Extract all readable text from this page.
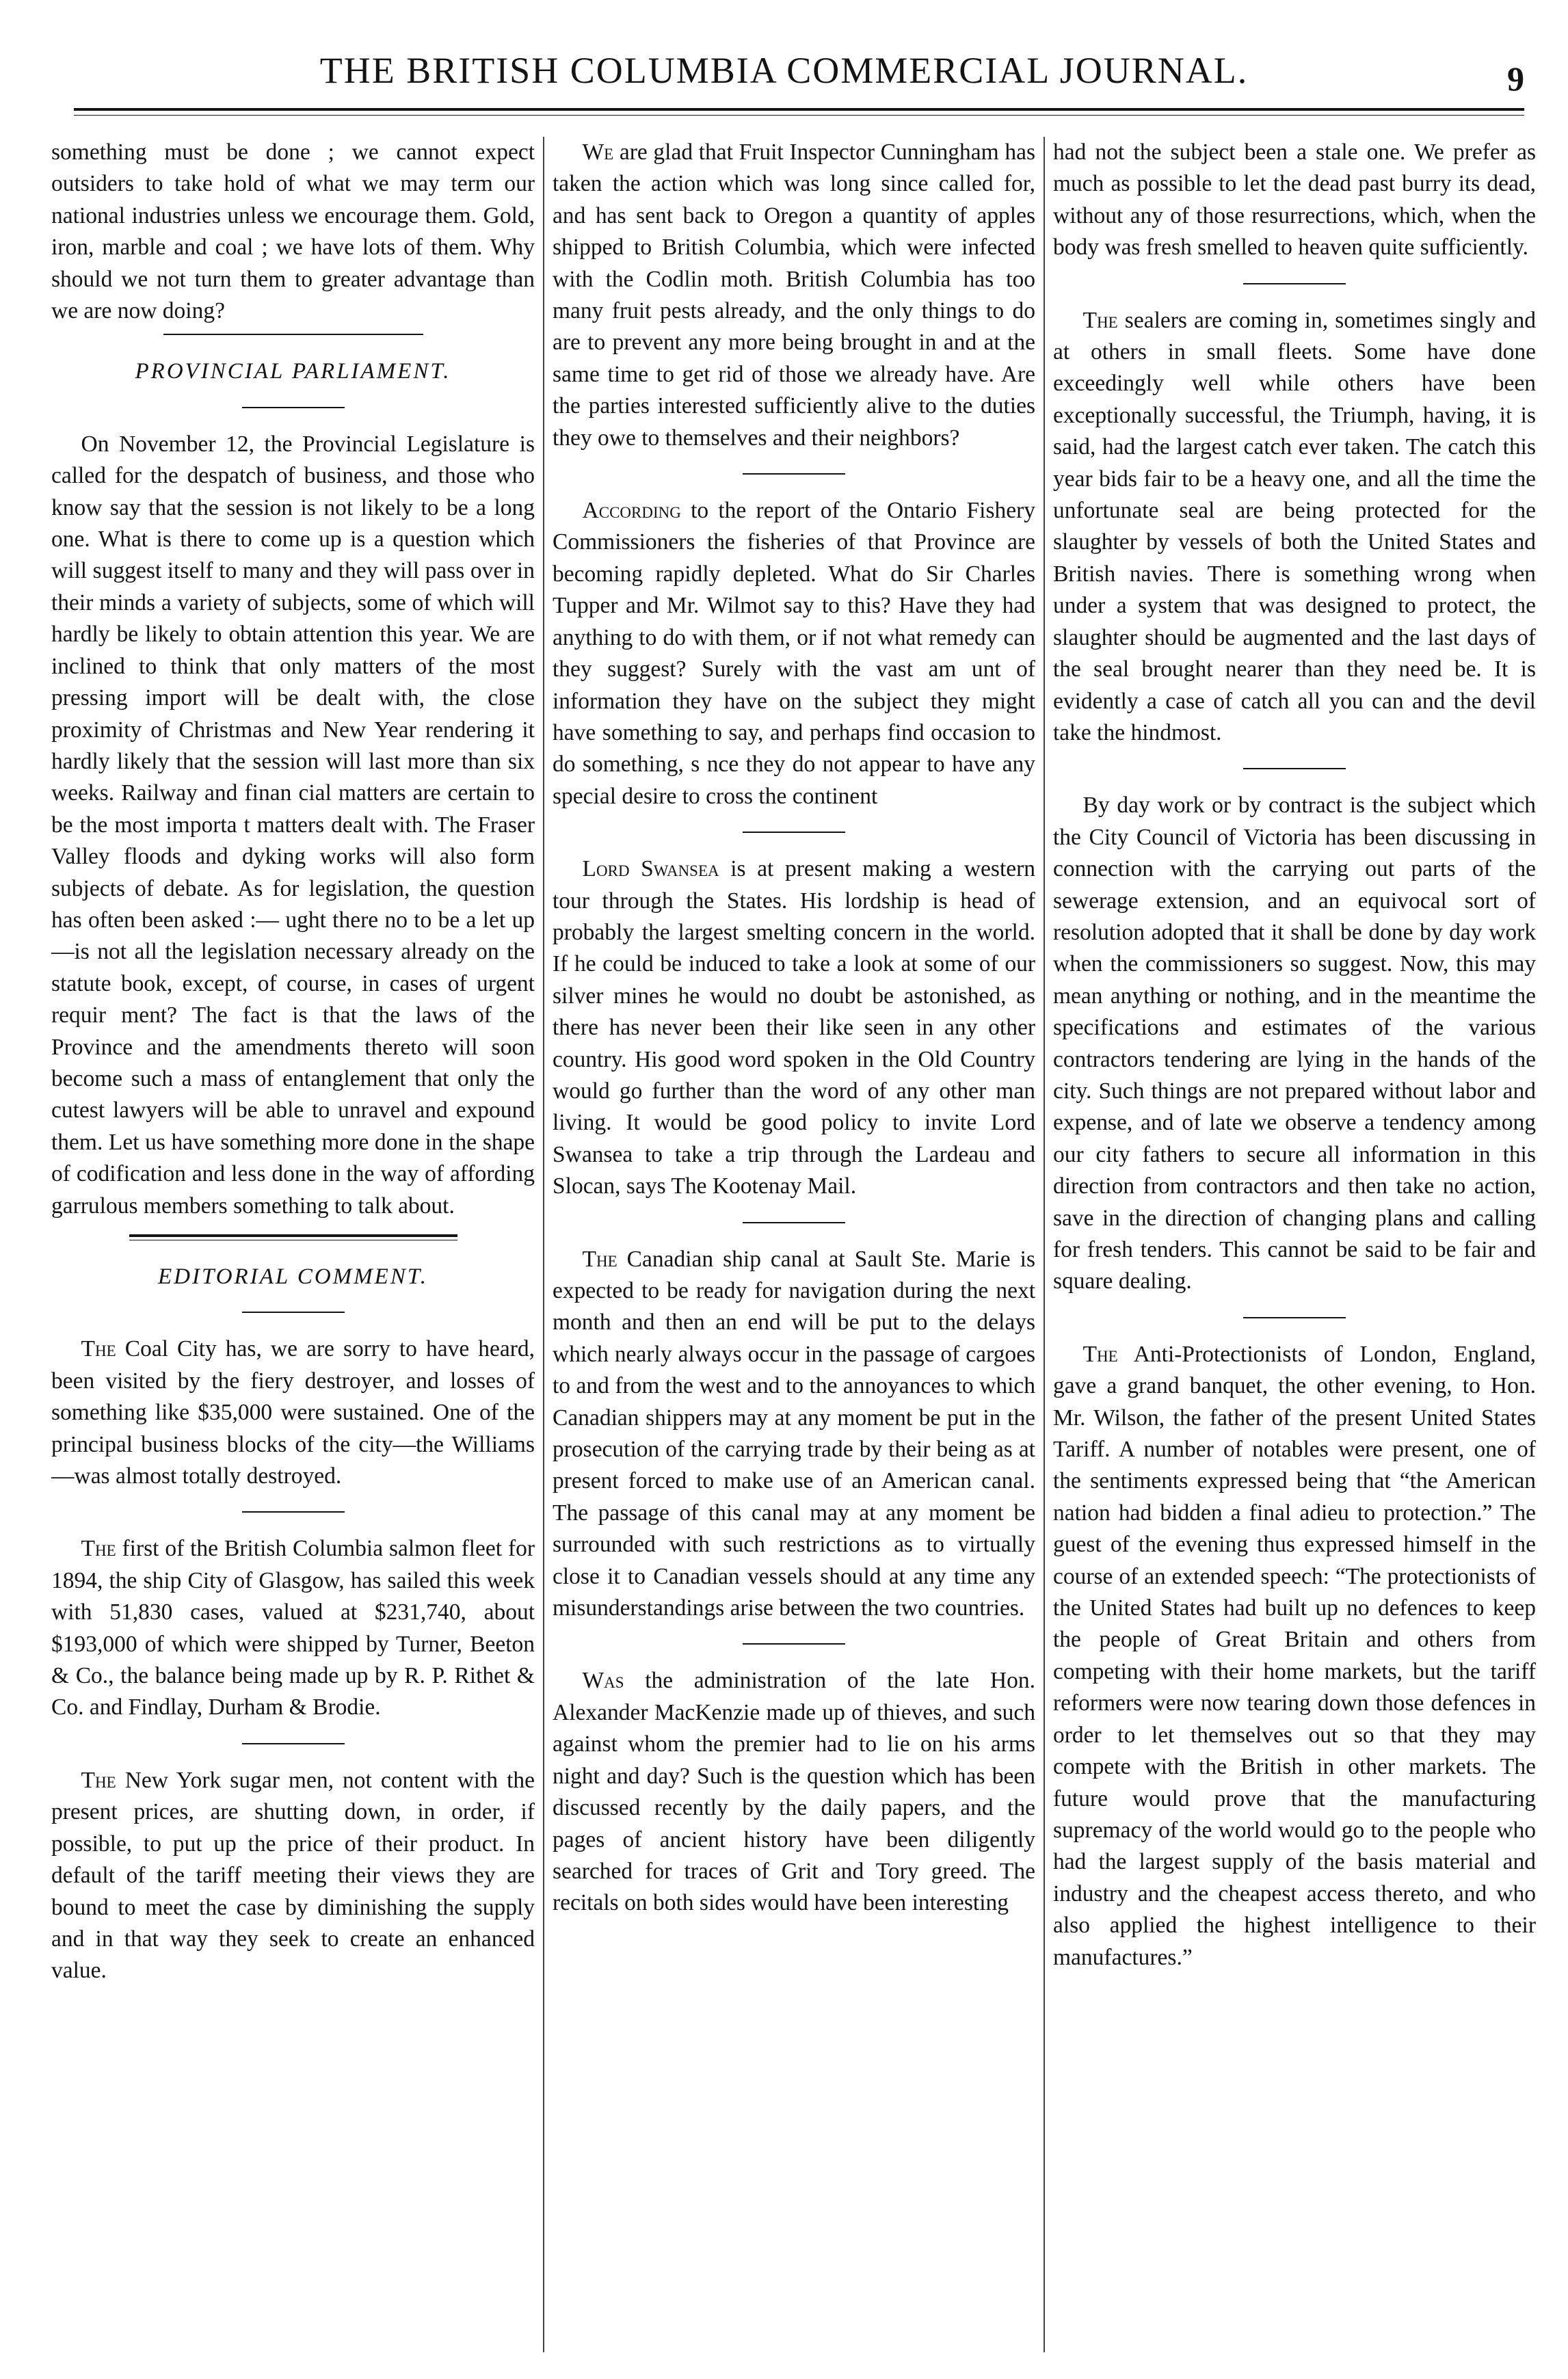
THE BRITISH COLUMBIA COMMERCIAL JOURNAL.	9

something must be done ; we cannot expect outsiders to take hold of what we may term our national industries unless we encourage them. Gold, iron, marble and coal ; we have lots of them. Why should we not turn them to greater advantage than we are now doing?

PROVINCIAL PARLIAMENT.

On November 12, the Provincial Legislature is called for the despatch of business, and those who know say that the session is not likely to be a long one. What is there to come up is a question which will suggest itself to many and they will pass over in their minds a variety of subjects, some of which will hardly be likely to obtain attention this year. We are inclined to think that only matters of the most pressing import will be dealt with, the close proximity of Christmas and New Year rendering it hardly likely that the session will last more than six weeks. Railway and finan cial matters are certain to be the most importa t matters dealt with. The Fraser Valley floods and dyking works will also form subjects of debate. As for legislation, the question has often been asked :— ught there no to be a let up—is not all the legislation necessary already on the statute book, except, of course, in cases of urgent requir ment? The fact is that the laws of the Province and the amendments thereto will soon become such a mass of entanglement that only the cutest lawyers will be able to unravel and expound them. Let us have something more done in the shape of codification and less done in the way of affording garrulous members something to talk about.

EDITORIAL COMMENT.

The Coal City has, we are sorry to have heard, been visited by the fiery destroyer, and losses of something like $35,000 were sustained. One of the principal business blocks of the city—the Williams—was almost totally destroyed.

The first of the British Columbia salmon fleet for 1894, the ship City of Glasgow, has sailed this week with 51,830 cases, valued at $231,740, about $193,000 of which were shipped by Turner, Beeton & Co., the balance being made up by R. P. Rithet & Co. and Findlay, Durham & Brodie.

The New York sugar men, not content with the present prices, are shutting down, in order, if possible, to put up the price of their product. In default of the tariff meeting their views they are bound to meet the case by diminishing the supply and in that way they seek to create an enhanced value.

We are glad that Fruit Inspector Cunningham has taken the action which was long since called for, and has sent back to Oregon a quantity of apples shipped to British Columbia, which were infected with the Codlin moth. British Columbia has too many fruit pests already, and the only things to do are to prevent any more being brought in and at the same time to get rid of those we already have. Are the parties interested sufficiently alive to the duties they owe to themselves and their neighbors?

According to the report of the Ontario Fishery Commissioners the fisheries of that Province are becoming rapidly depleted. What do Sir Charles Tupper and Mr. Wilmot say to this? Have they had anything to do with them, or if not what remedy can they suggest? Surely with the vast am unt of information they have on the subject they might have something to say, and perhaps find occasion to do something, s nce they do not appear to have any special desire to cross the continent

Lord Swansea is at present making a western tour through the States. His lordship is head of probably the largest smelting concern in the world. If he could be induced to take a look at some of our silver mines he would no doubt be astonished, as there has never been their like seen in any other country. His good word spoken in the Old Country would go further than the word of any other man living. It would be good policy to invite Lord Swansea to take a trip through the Lardeau and Slocan, says The Kootenay Mail.

The Canadian ship canal at Sault Ste. Marie is expected to be ready for navigation during the next month and then an end will be put to the delays which nearly always occur in the passage of cargoes to and from the west and to the annoyances to which Canadian shippers may at any moment be put in the prosecution of the carrying trade by their being as at present forced to make use of an American canal. The passage of this canal may at any moment be surrounded with such restrictions as to virtually close it to Canadian vessels should at any time any misunderstandings arise between the two countries.

Was the administration of the late Hon. Alexander MacKenzie made up of thieves, and such against whom the premier had to lie on his arms night and day? Such is the question which has been discussed recently by the daily papers, and the pages of ancient history have been diligently searched for traces of Grit and Tory greed. The recitals on both sides would have been interesting

had not the subject been a stale one. We prefer as much as possible to let the dead past burry its dead, without any of those resurrections, which, when the body was fresh smelled to heaven quite sufficiently.

The sealers are coming in, sometimes singly and at others in small fleets. Some have done exceedingly well while others have been exceptionally successful, the Triumph, having, it is said, had the largest catch ever taken. The catch this year bids fair to be a heavy one, and all the time the unfortunate seal are being protected for the slaughter by vessels of both the United States and British navies. There is something wrong when under a system that was designed to protect, the slaughter should be augmented and the last days of the seal brought nearer than they need be. It is evidently a case of catch all you can and the devil take the hindmost.

By day work or by contract is the subject which the City Council of Victoria has been discussing in connection with the carrying out parts of the sewerage extension, and an equivocal sort of resolution adopted that it shall be done by day work when the commissioners so suggest. Now, this may mean anything or nothing, and in the meantime the specifications and estimates of the various contractors tendering are lying in the hands of the city. Such things are not prepared without labor and expense, and of late we observe a tendency among our city fathers to secure all information in this direction from contractors and then take no action, save in the direction of changing plans and calling for fresh tenders. This cannot be said to be fair and square dealing.

The Anti-Protectionists of London, England, gave a grand banquet, the other evening, to Hon. Mr. Wilson, the father of the present United States Tariff. A number of notables were present, one of the sentiments expressed being that “the American nation had bidden a final adieu to protection.” The guest of the evening thus expressed himself in the course of an extended speech: “The protectionists of the United States had built up no defences to keep the people of Great Britain and others from competing with their home markets, but the tariff reformers were now tearing down those defences in order to let themselves out so that they may compete with the British in other markets. The future would prove that the manufacturing supremacy of the world would go to the people who had the largest supply of the basis material and industry and the cheapest access thereto, and who also applied the highest intelligence to their manufactures.”
